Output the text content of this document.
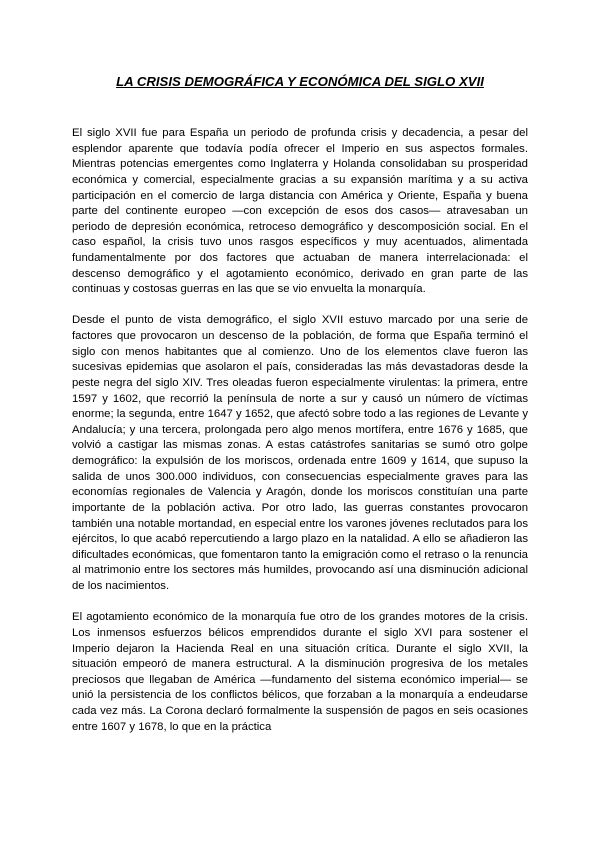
LA CRISIS DEMOGRÁFICA Y ECONÓMICA DEL SIGLO XVII

El siglo XVII fue para España un periodo de profunda crisis y decadencia, a pesar del esplendor aparente que todavía podía ofrecer el Imperio en sus aspectos formales. Mientras potencias emergentes como Inglaterra y Holanda consolidaban su prosperidad económica y comercial, especialmente gracias a su expansión marítima y a su activa participación en el comercio de larga distancia con América y Oriente, España y buena parte del continente europeo —con excepción de esos dos casos— atravesaban un periodo de depresión económica, retroceso demográfico y descomposición social. En el caso español, la crisis tuvo unos rasgos específicos y muy acentuados, alimentada fundamentalmente por dos factores que actuaban de manera interrelacionada: el descenso demográfico y el agotamiento económico, derivado en gran parte de las continuas y costosas guerras en las que se vio envuelta la monarquía.

Desde el punto de vista demográfico, el siglo XVII estuvo marcado por una serie de factores que provocaron un descenso de la población, de forma que España terminó el siglo con menos habitantes que al comienzo. Uno de los elementos clave fueron las sucesivas epidemias que asolaron el país, consideradas las más devastadoras desde la peste negra del siglo XIV. Tres oleadas fueron especialmente virulentas: la primera, entre 1597 y 1602, que recorrió la península de norte a sur y causó un número de víctimas enorme; la segunda, entre 1647 y 1652, que afectó sobre todo a las regiones de Levante y Andalucía; y una tercera, prolongada pero algo menos mortífera, entre 1676 y 1685, que volvió a castigar las mismas zonas. A estas catástrofes sanitarias se sumó otro golpe demográfico: la expulsión de los moriscos, ordenada entre 1609 y 1614, que supuso la salida de unos 300.000 individuos, con consecuencias especialmente graves para las economías regionales de Valencia y Aragón, donde los moriscos constituían una parte importante de la población activa. Por otro lado, las guerras constantes provocaron también una notable mortandad, en especial entre los varones jóvenes reclutados para los ejércitos, lo que acabó repercutiendo a largo plazo en la natalidad. A ello se añadieron las dificultades económicas, que fomentaron tanto la emigración como el retraso o la renuncia al matrimonio entre los sectores más humildes, provocando así una disminución adicional de los nacimientos.

El agotamiento económico de la monarquía fue otro de los grandes motores de la crisis. Los inmensos esfuerzos bélicos emprendidos durante el siglo XVI para sostener el Imperio dejaron la Hacienda Real en una situación crítica. Durante el siglo XVII, la situación empeoró de manera estructural. A la disminución progresiva de los metales preciosos que llegaban de América —fundamento del sistema económico imperial— se unió la persistencia de los conflictos bélicos, que forzaban a la monarquía a endeudarse cada vez más. La Corona declaró formalmente la suspensión de pagos en seis ocasiones entre 1607 y 1678, lo que en la práctica
